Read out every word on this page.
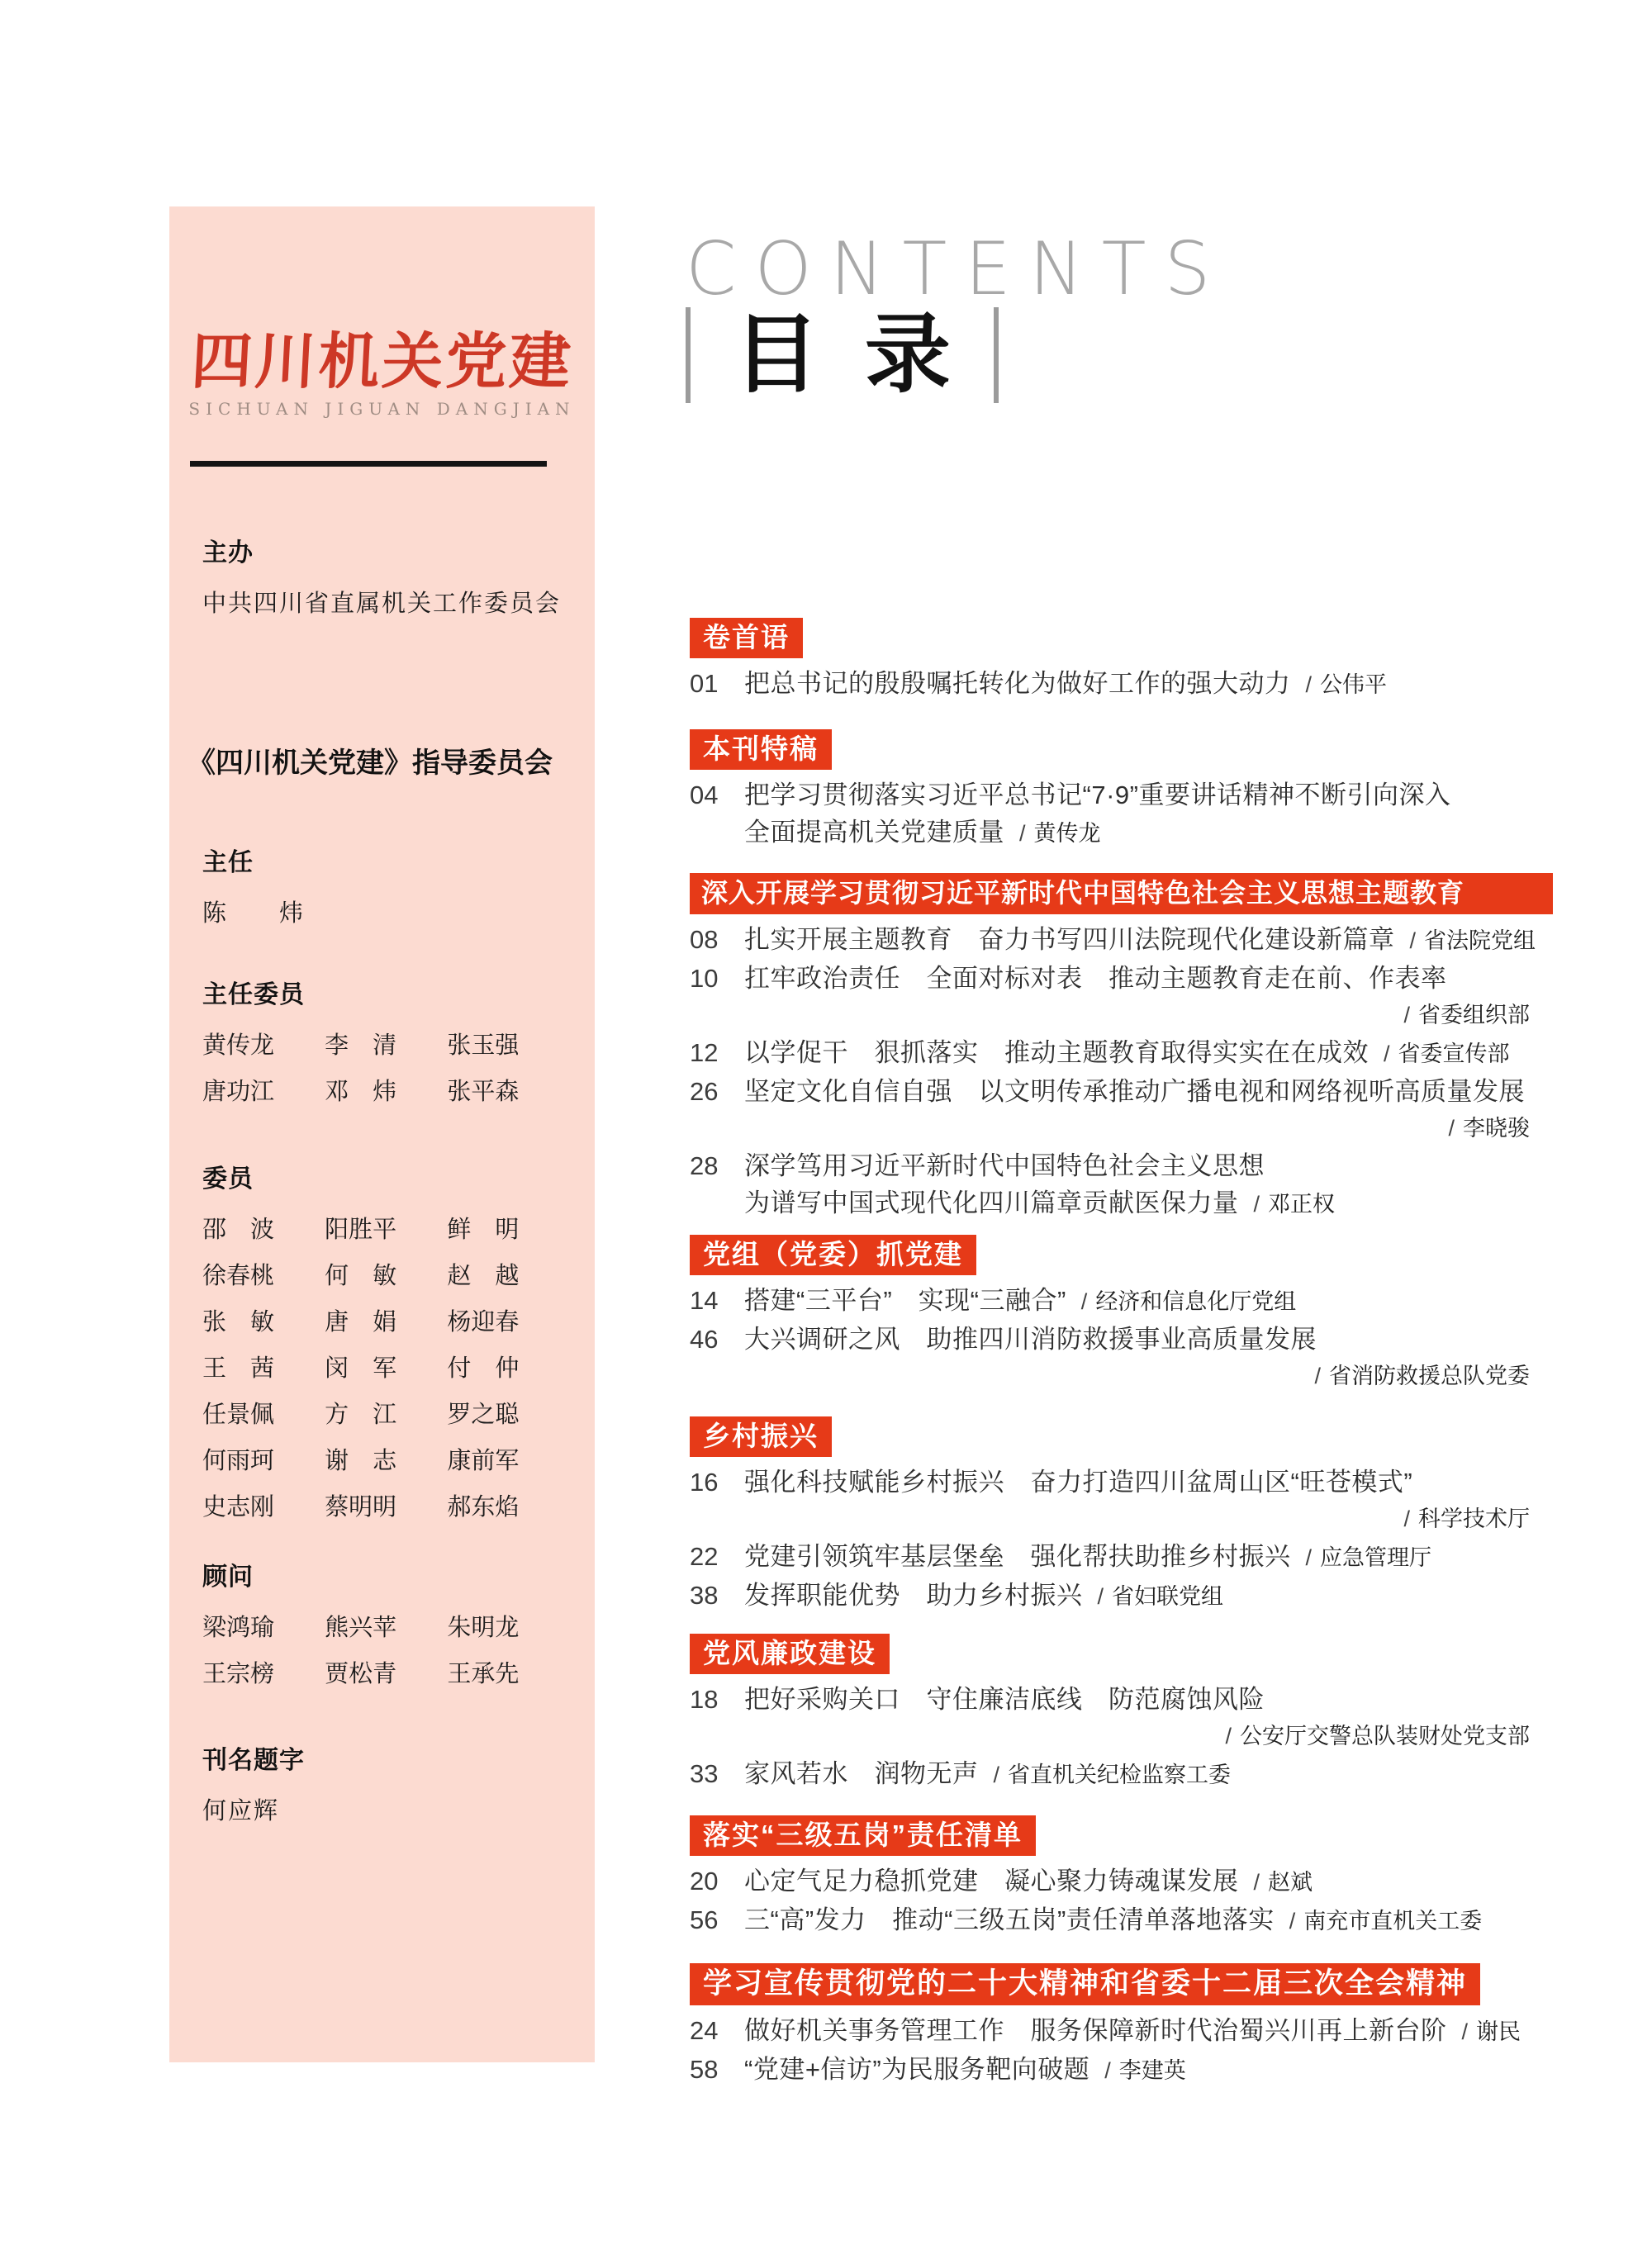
四川机关党建
SICHUAN JIGUAN DANGJIAN
主办
中共四川省直属机关工作委员会
《四川机关党建》指导委员会
主任
陈　　炜
主任委员
黄传龙	李　清	张玉强
唐功江	邓　炜	张平森
委员
邵　波	阳胜平	鲜　明
徐春桃	何　敏	赵　越
张　敏	唐　娟	杨迎春
王　茜	闵　军	付　仲
任景佩	方　江	罗之聪
何雨珂	谢　志	康前军
史志刚	蔡明明	郝东焰
顾问
梁鸿瑜	熊兴苹	朱明龙
王宗榜	贾松青	王承先
刊名题字
何应辉
CONTENTS
目 录
卷首语
01	把总书记的殷殷嘱托转化为做好工作的强大动力 / 公伟平
本刊特稿
04	把学习贯彻落实习近平总书记“7·9”重要讲话精神不断引向深入
全面提高机关党建质量 / 黄传龙
深入开展学习贯彻习近平新时代中国特色社会主义思想主题教育
08	扎实开展主题教育　奋力书写四川法院现代化建设新篇章 / 省法院党组
10	扛牢政治责任　全面对标对表　推动主题教育走在前、作表率
/ 省委组织部
12	以学促干　狠抓落实　推动主题教育取得实实在在成效 / 省委宣传部
26	坚定文化自信自强　以文明传承推动广播电视和网络视听高质量发展
/ 李晓骏
28	深学笃用习近平新时代中国特色社会主义思想
为谱写中国式现代化四川篇章贡献医保力量 / 邓正权
党组（党委）抓党建
14	搭建“三平台”　实现“三融合” / 经济和信息化厅党组
46	大兴调研之风　助推四川消防救援事业高质量发展
/ 省消防救援总队党委
乡村振兴
16	强化科技赋能乡村振兴　奋力打造四川盆周山区“旺苍模式”
/ 科学技术厅
22	党建引领筑牢基层堡垒　强化帮扶助推乡村振兴 / 应急管理厅
38	发挥职能优势　助力乡村振兴 / 省妇联党组
党风廉政建设
18	把好采购关口　守住廉洁底线　防范腐蚀风险
/ 公安厅交警总队装财处党支部
33	家风若水　润物无声 / 省直机关纪检监察工委
落实“三级五岗”责任清单
20	心定气足力稳抓党建　凝心聚力铸魂谋发展 / 赵斌
56	三“高”发力　推动“三级五岗”责任清单落地落实 / 南充市直机关工委
学习宣传贯彻党的二十大精神和省委十二届三次全会精神
24	做好机关事务管理工作　服务保障新时代治蜀兴川再上新台阶 / 谢民
58	“党建+信访”为民服务靶向破题 / 李建英
